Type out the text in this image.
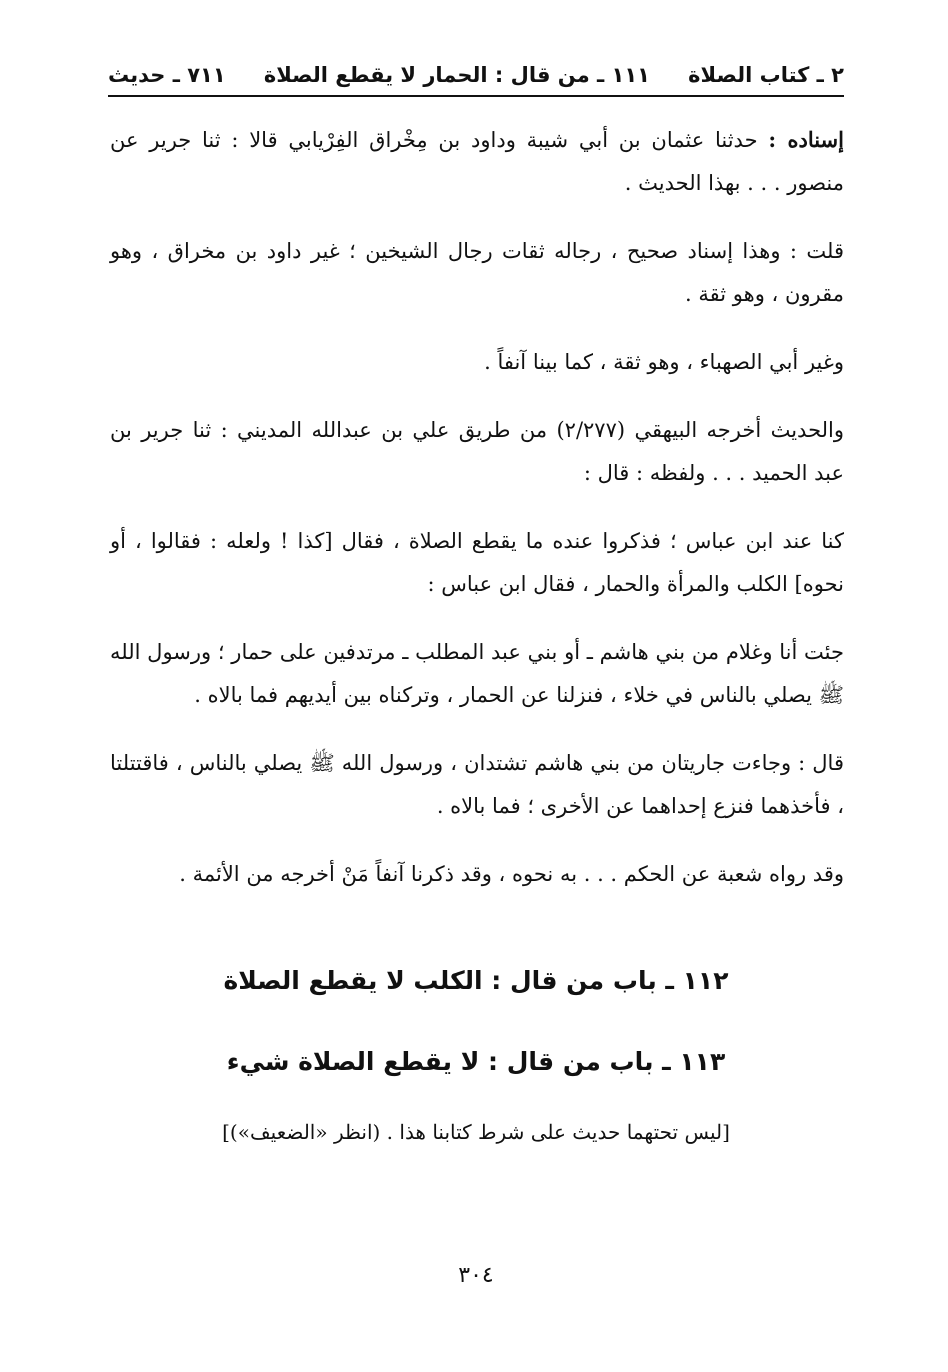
٢ ـ كتاب الصلاة
١١١ ـ من قال : الحمار لا يقطع الصلاة
٧١١ ـ حديث

إسناده : حدثنا عثمان بن أبي شيبة وداود بن مِخْراق الفِرْيابي قالا : ثنا جرير عن منصور . . . بهذا الحديث .

قلت : وهذا إسناد صحيح ، رجاله ثقات رجال الشيخين ؛ غير داود بن مخراق ، وهو مقرون ، وهو ثقة .

وغير أبي الصهباء ، وهو ثقة ، كما بينا آنفاً .

والحديث أخرجه البيهقي (٢/٢٧٧) من طريق علي بن عبدالله المديني : ثنا جرير بن عبد الحميد . . . ولفظه : قال :

كنا عند ابن عباس ؛ فذكروا عنده ما يقطع الصلاة ، فقال [كذا ! ولعله : فقالوا ، أو نحوه] الكلب والمرأة والحمار ، فقال ابن عباس :

جئت أنا وغلام من بني هاشم ـ أو بني عبد المطلب ـ مرتدفين على حمار ؛ ورسول الله ﷺ يصلي بالناس في خلاء ، فنزلنا عن الحمار ، وتركناه بين أيديهم فما بالاه .

قال : وجاءت جاريتان من بني هاشم تشتدان ، ورسول الله ﷺ يصلي بالناس ، فاقتتلتا ، فأخذهما فنزع إحداهما عن الأخرى ؛ فما بالاه .

وقد رواه شعبة عن الحكم . . . به نحوه ، وقد ذكرنا آنفاً مَنْ أخرجه من الأئمة .

١١٢ ـ باب من قال : الكلب لا يقطع الصلاة
١١٣ ـ باب من قال : لا يقطع الصلاة شيء
[ليس تحتهما حديث على شرط كتابنا هذا . (انظر «الضعيف»)]
٣٠٤
